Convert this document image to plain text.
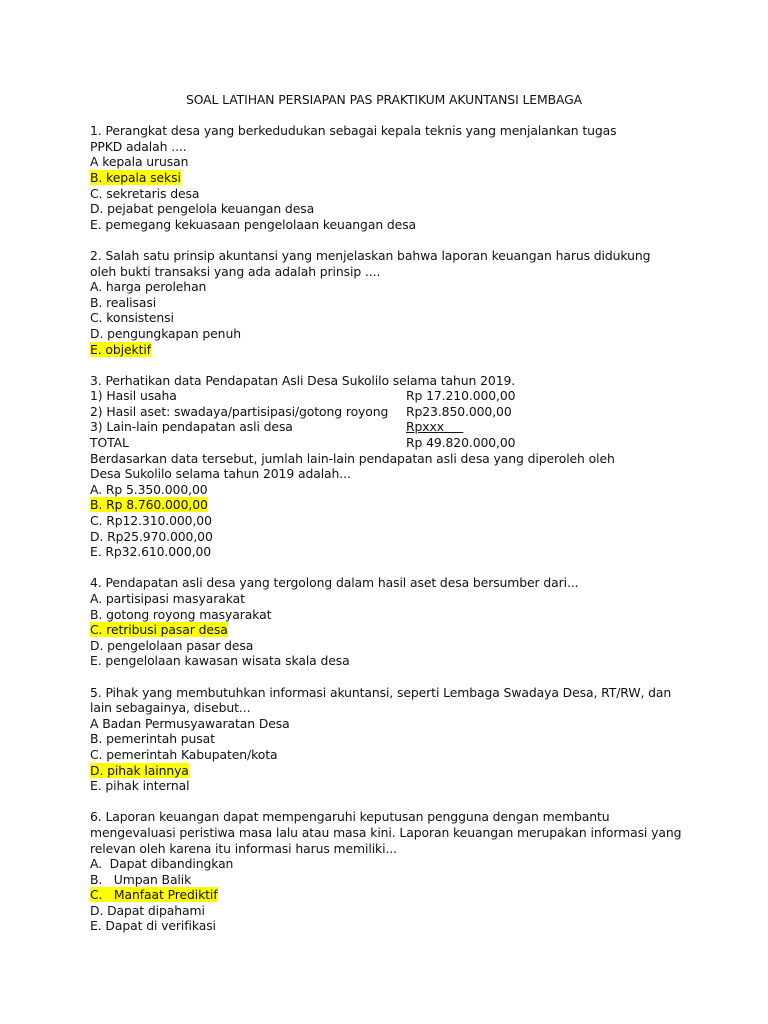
SOAL LATIHAN PERSIAPAN PAS PRAKTIKUM AKUNTANSI LEMBAGA
1. Perangkat desa yang berkedudukan sebagai kepala teknis yang menjalankan tugas
PPKD adalah ....
A kepala urusan
B. kepala seksi
C. sekretaris desa
D. pejabat pengelola keuangan desa
E. pemegang kekuasaan pengelolaan keuangan desa
2. Salah satu prinsip akuntansi yang menjelaskan bahwa laporan keuangan harus didukung
oleh bukti transaksi yang ada adalah prinsip ....
A. harga perolehan
B. realisasi
C. konsistensi
D. pengungkapan penuh
E. objektif
3. Perhatikan data Pendapatan Asli Desa Sukolilo selama tahun 2019.
1) Hasil usaha	Rp 17.210.000,00
2) Hasil aset: swadaya/partisipasi/gotong royong	Rp23.850.000,00
3) Lain-lain pendapatan asli desa	Rpxxx
TOTAL	Rp 49.820.000,00
Berdasarkan data tersebut, jumlah lain-lain pendapatan asli desa yang diperoleh oleh
Desa Sukolilo selama tahun 2019 adalah...
A. Rp 5.350.000,00
B. Rp 8.760.000,00
C. Rp12.310.000,00
D. Rp25.970.000,00
E. Rp32.610.000,00
4. Pendapatan asli desa yang tergolong dalam hasil aset desa bersumber dari...
A. partisipasi masyarakat
B. gotong royong masyarakat
C. retribusi pasar desa
D. pengelolaan pasar desa
E. pengelolaan kawasan wisata skala desa
5. Pihak yang membutuhkan informasi akuntansi, seperti Lembaga Swadaya Desa, RT/RW, dan
lain sebagainya, disebut...
A Badan Permusyawaratan Desa
B. pemerintah pusat
C. pemerintah Kabupaten/kota
D. pihak lainnya
E. pihak internal
6. Laporan keuangan dapat mempengaruhi keputusan pengguna dengan membantu
mengevaluasi peristiwa masa lalu atau masa kini. Laporan keuangan merupakan informasi yang
relevan oleh karena itu informasi harus memiliki...
A.  Dapat dibandingkan
B.   Umpan Balik
C.   Manfaat Prediktif
D. Dapat dipahami
E. Dapat di verifikasi
